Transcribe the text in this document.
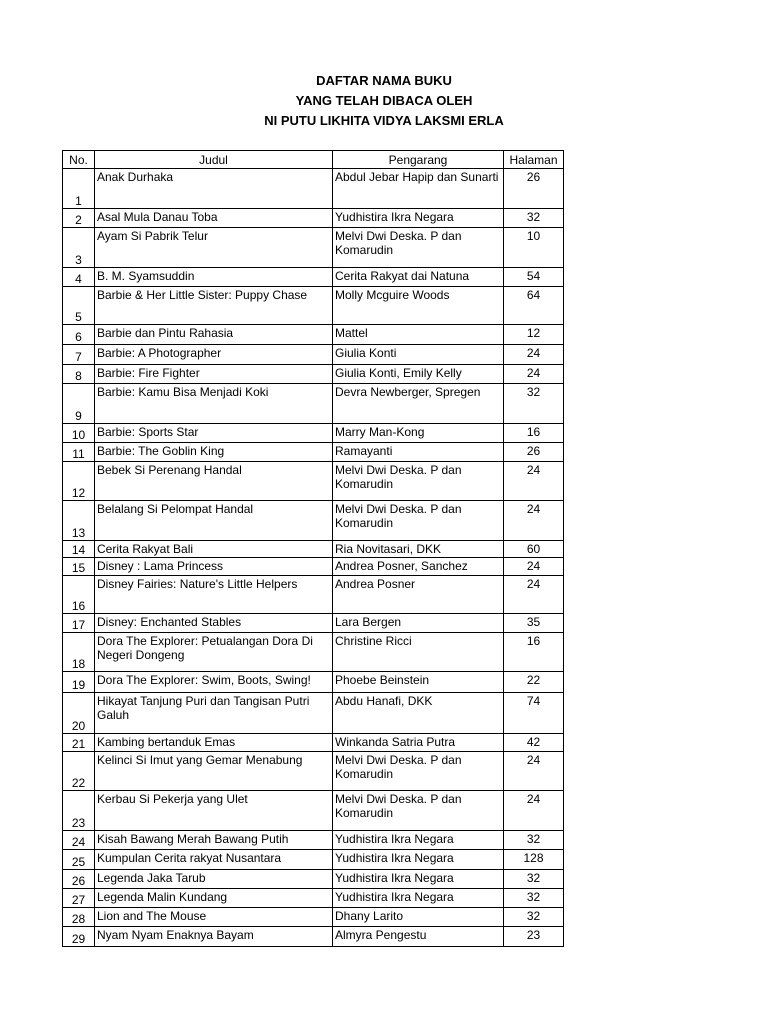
DAFTAR NAMA BUKU
YANG TELAH DIBACA OLEH
NI PUTU LIKHITA VIDYA LAKSMI ERLA
No.	Judul	Pengarang	Halaman
1	Anak Durhaka	Abdul Jebar Hapip dan Sunarti	26
2	Asal Mula Danau Toba	Yudhistira Ikra Negara	32
3	Ayam Si Pabrik Telur	Melvi Dwi Deska. P dan Komarudin	10
4	B. M. Syamsuddin	Cerita Rakyat dai Natuna	54
5	Barbie & Her Little Sister: Puppy Chase	Molly Mcguire Woods	64
6	Barbie dan Pintu Rahasia	Mattel	12
7	Barbie: A Photographer	Giulia Konti	24
8	Barbie: Fire Fighter	Giulia Konti, Emily Kelly	24
9	Barbie: Kamu Bisa Menjadi Koki	Devra Newberger, Spregen	32
10	Barbie: Sports Star	Marry Man-Kong	16
11	Barbie: The Goblin King	Ramayanti	26
12	Bebek Si Perenang Handal	Melvi Dwi Deska. P dan Komarudin	24
13	Belalang Si Pelompat Handal	Melvi Dwi Deska. P dan Komarudin	24
14	Cerita Rakyat Bali	Ria Novitasari, DKK	60
15	Disney : Lama Princess	Andrea Posner, Sanchez	24
16	Disney Fairies: Nature's Little Helpers	Andrea Posner	24
17	Disney: Enchanted Stables	Lara Bergen	35
18	Dora The Explorer: Petualangan Dora Di Negeri Dongeng	Christine Ricci	16
19	Dora The Explorer: Swim, Boots, Swing!	Phoebe Beinstein	22
20	Hikayat Tanjung Puri dan Tangisan Putri Galuh	Abdu Hanafi, DKK	74
21	Kambing bertanduk Emas	Winkanda Satria Putra	42
22	Kelinci Si Imut yang Gemar Menabung	Melvi Dwi Deska. P dan Komarudin	24
23	Kerbau Si Pekerja yang Ulet	Melvi Dwi Deska. P dan Komarudin	24
24	Kisah Bawang Merah Bawang Putih	Yudhistira Ikra Negara	32
25	Kumpulan Cerita rakyat Nusantara	Yudhistira Ikra Negara	128
26	Legenda Jaka Tarub	Yudhistira Ikra Negara	32
27	Legenda Malin Kundang	Yudhistira Ikra Negara	32
28	Lion and The Mouse	Dhany Larito	32
29	Nyam Nyam Enaknya Bayam	Almyra Pengestu	23
